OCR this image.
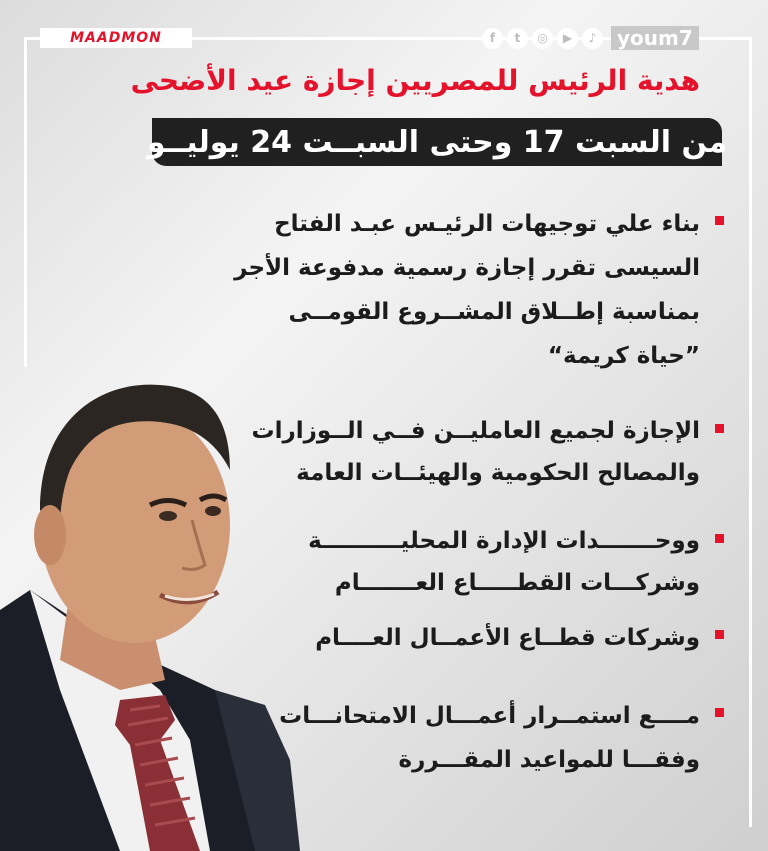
MAADMON	f	t	◎	▶	♪	youm7
هدية الرئيس للمصريين إجازة عيد الأضحى
من السبت 17 وحتى السبــت 24 يوليــو
بناء علي توجيهات الرئيـس عبـد الفتاح
السيسى تقرر إجازة رسمية مدفوعة الأجر
بمناسبة إطــلاق المشــروع القومــى
”حياة كريمة“
الإجازة لجميع العامليــن فــي الــوزارات
والمصالح الحكومية والهيئــات العامة
ووحـــــــدات الإدارة المحليــــــــــة
وشركـــات القطـــــاع العـــــــام
وشركات قطــاع الأعمــال العــــام
مــــع استمــرار أعمـــال الامتحانـــات
وفقـــا للمواعيد المقـــررة
